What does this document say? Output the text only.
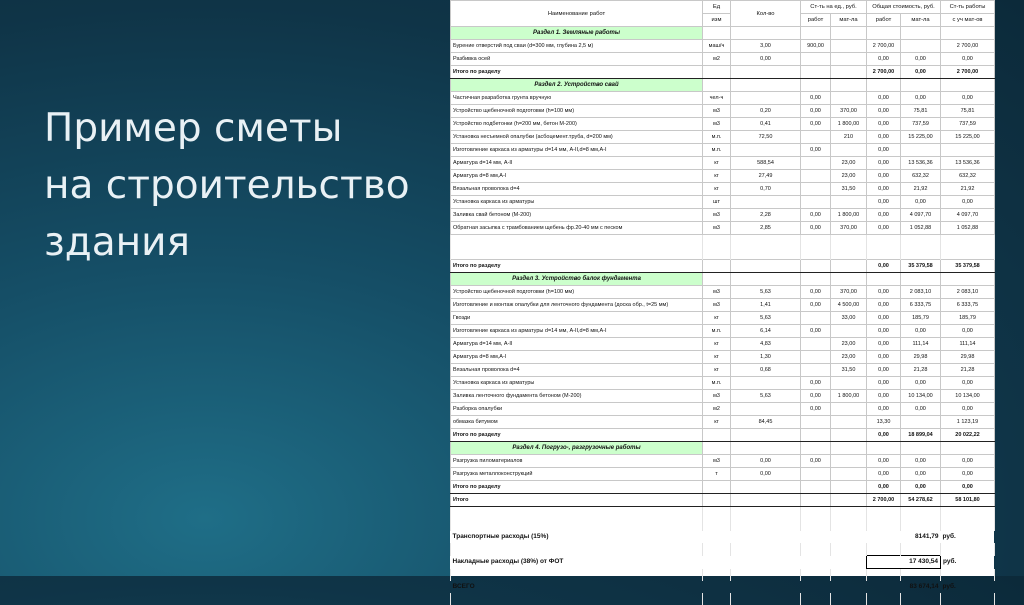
Пример сметы
на строительство
здания
Наименование работ	Ед	Кол-во	Ст-ть на ед., руб.		Общая стоимость, руб.		Ст-ть работы
	изм		работ	мат-ла	работ	мат-ла	с уч мат-ов
Раздел 1. Земляные работы							
Бурение отверстий под сваи (d=300 мм, глубина 2,5 м)	маш/ч	3,00	900,00		2 700,00		2 700,00
Разбивка осей	м2	0,00			0,00	0,00	0,00
Итого по разделу					2 700,00	0,00	2 700,00
Раздел 2. Устройство свай							
Частичная разработка грунта вручную	чел-ч		0,00		0,00	0,00	0,00
Устройство щебеночной подготовки (h=100 мм)	м3	0,20	0,00	370,00	0,00	75,81	75,81
Устройство подбетонки (h=200 мм, бетон М-200)	м3	0,41	0,00	1 800,00	0,00	737,59	737,59
Установка несъемной опалубки (асбоцемент.труба, d=200 мм)	м.п.	72,50		210	0,00	15 225,00	15 225,00
Изготовление каркаса из арматуры d=14 мм, А-II,d=8 мм,А-I	м.п.		0,00		0,00		
Арматура d=14 мм, А-II	кг	588,54		23,00	0,00	13 536,36	13 536,36
Арматура d=8 мм,А-I	кг	27,49		23,00	0,00	632,32	632,32
Вязальная проволока d=4	кг	0,70		31,50	0,00	21,92	21,92
Установка каркаса из арматуры	шт				0,00	0,00	0,00
Заливка свай бетоном (М-200)	м3	2,28	0,00	1 800,00	0,00	4 097,70	4 097,70
Обратная засыпка с трамбованием щебень фр.20-40 мм с песком	м3	2,85	0,00	370,00	0,00	1 052,88	1 052,88

Итого по разделу					0,00	35 379,58	35 379,58
Раздел 3. Устройство балок фундамента							
Устройство щебеночной подготовки (h=100 мм)	м3	5,63	0,00	370,00	0,00	2 083,10	2 083,10
Изготовление и монтаж опалубки для ленточного фундамента (доска обр., t=25 мм)	м3	1,41	0,00	4 500,00	0,00	6 333,75	6 333,75
Гвозди	кг	5,63		33,00	0,00	185,79	185,79
Изготовление каркаса из арматуры d=14 мм, А-II,d=8 мм,А-I	м.п.	6,14	0,00		0,00	0,00	0,00
Арматура d=14 мм, А-II	кг	4,83		23,00	0,00	111,14	111,14
Арматура d=8 мм,А-I	кг	1,30		23,00	0,00	29,98	29,98
Вязальная проволока d=4	кг	0,68		31,50	0,00	21,28	21,28
Установка каркаса из арматуры	м.п.		0,00		0,00	0,00	0,00
Заливка ленточного фундамента бетоном (М-200)	м3	5,63	0,00	1 800,00	0,00	10 134,00	10 134,00
Разборка опалубки	м2		0,00		0,00	0,00	0,00
обмазка битумом	кг	84,45			13,30		1 123,19
Итого по разделу					0,00	18 899,04	20 022,22
Раздел 4. Погрузо-, разгрузочные работы							
Разгрузка пиломатериалов	м3	0,00	0,00		0,00	0,00	0,00
Разгрузка металлоконструкций	т	0,00			0,00	0,00	0,00
Итого по разделу					0,00	0,00	0,00
Итого					2 700,00	54 278,62	58 101,80

Транспортные расходы (15%)					8141,79		руб.

Накладные расходы (38%) от ФОТ					17 430,54		руб.

ВСЕГО					83 674,14		руб.
